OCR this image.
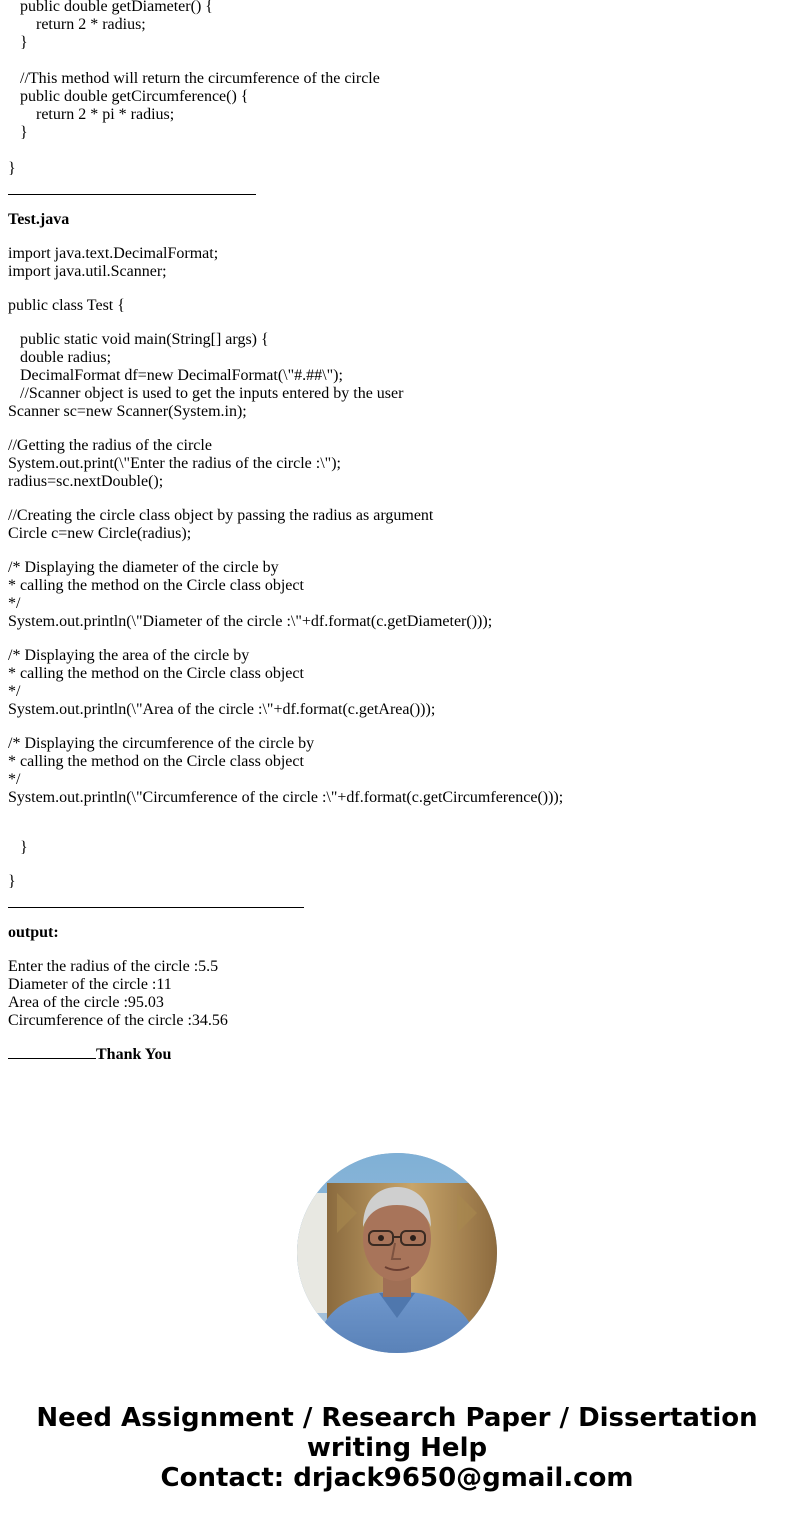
public double getDiameter() {
return 2 * radius;
}
//This method will return the circumference of the circle
public double getCircumference() {
return 2 * pi * radius;
}
}
Test.java
import java.text.DecimalFormat;
import java.util.Scanner;
public class Test {
public static void main(String[] args) {
double radius;
DecimalFormat df=new DecimalFormat(\"#.##\");
//Scanner object is used to get the inputs entered by the user
Scanner sc=new Scanner(System.in);
//Getting the radius of the circle
System.out.print(\"Enter the radius of the circle :\");
radius=sc.nextDouble();
//Creating the circle class object by passing the radius as argument
Circle c=new Circle(radius);
/* Displaying the diameter of the circle by
* calling the method on the Circle class object
*/
System.out.println(\"Diameter of the circle :\"+df.format(c.getDiameter()));
/* Displaying the area of the circle by
* calling the method on the Circle class object
*/
System.out.println(\"Area of the circle :\"+df.format(c.getArea()));
/* Displaying the circumference of the circle by
* calling the method on the Circle class object
*/
System.out.println(\"Circumference of the circle :\"+df.format(c.getCircumference()));
}
}
output:
Enter the radius of the circle :5.5
Diameter of the circle :11
Area of the circle :95.03
Circumference of the circle :34.56
Thank You
Need Assignment / Research Paper / Dissertation
writing Help
Contact: drjack9650@gmail.com
